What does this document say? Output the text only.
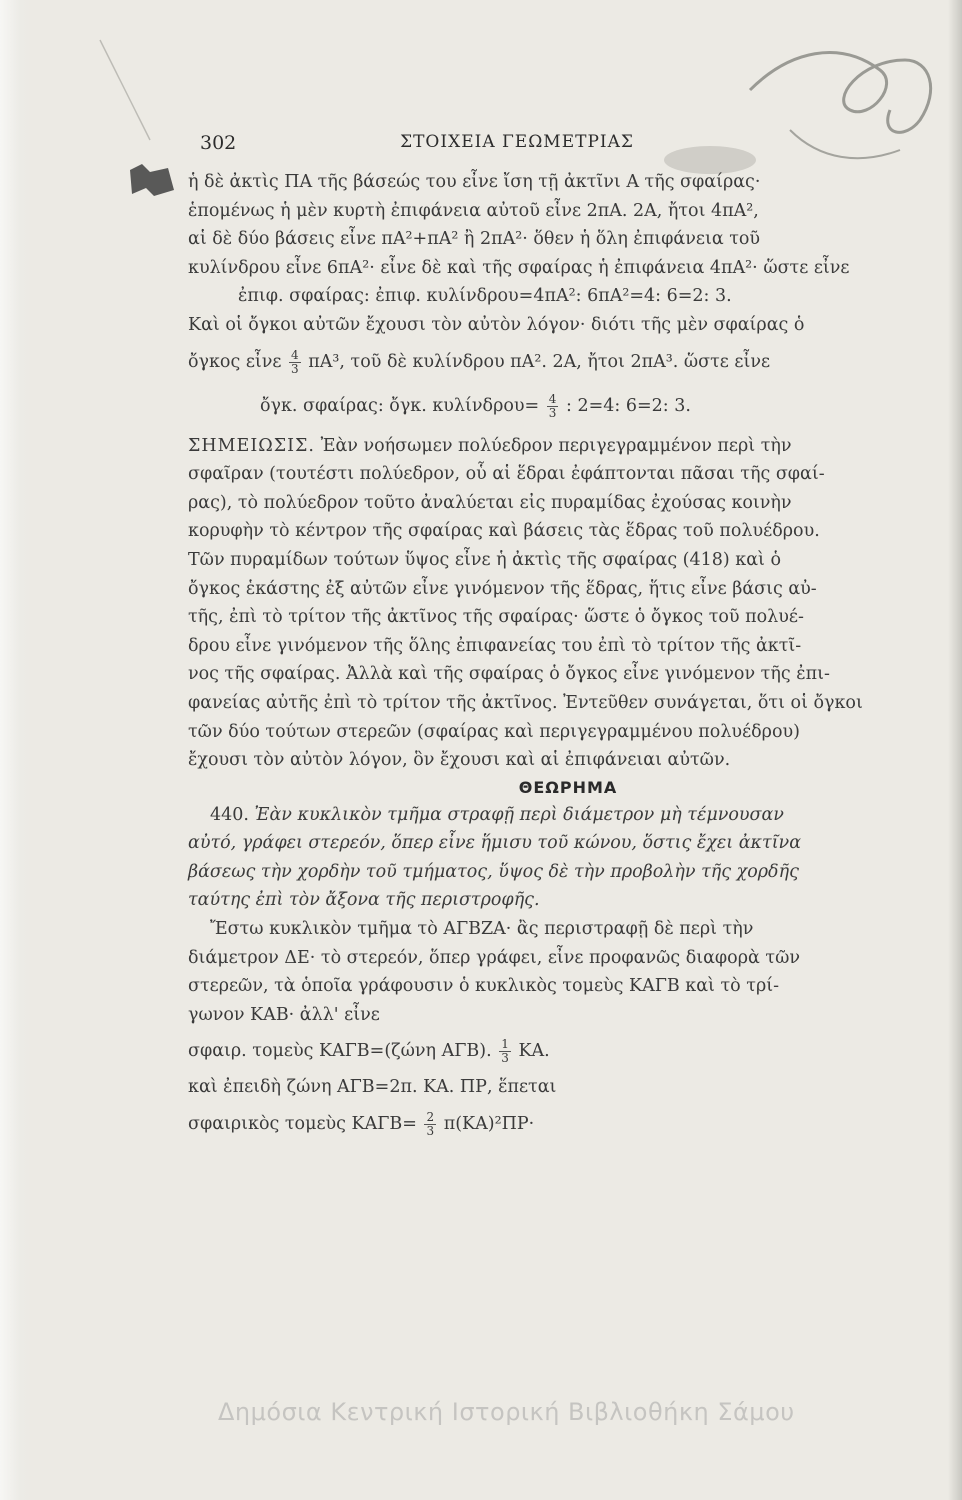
302	ΣΤΟΙΧΕΙΑ ΓΕΩΜΕΤΡΙΑΣ
ἡ δὲ ἀκτὶς ΠΑ τῆς βάσεώς του εἶνε ἴση τῇ ἀκτῖνι Α τῆς σφαίρας·
ἑπομένως ἡ μὲν κυρτὴ ἐπιφάνεια αὐτοῦ εἶνε 2πΑ. 2Α, ἤτοι 4πΑ²,
αἱ δὲ δύο βάσεις εἶνε πΑ²+πΑ² ἢ 2πΑ²· ὅθεν ἡ ὅλη ἐπιφάνεια τοῦ
κυλίνδρου εἶνε 6πΑ²· εἶνε δὲ καὶ τῆς σφαίρας ἡ ἐπιφάνεια 4πΑ²· ὥστε εἶνε
ἐπιφ. σφαίρας: ἐπιφ. κυλίνδρου=4πΑ²: 6πΑ²=4: 6=2: 3.
Καὶ οἱ ὄγκοι αὐτῶν ἔχουσι τὸν αὐτὸν λόγον· διότι τῆς μὲν σφαίρας ὁ
ὄγκος εἶνε $\frac{4}{3} \pi A^3$, τοῦ δὲ κυλίνδρου πΑ². 2Α, ἤτοι 2πΑ³. ὥστε εἶνε
ὄγκ. σφαίρας: ὄγκ. $\kappa\upsilon\lambda ί\nu\delta\rho o\upsilon= \frac{4}{3}$ : 2=4: 6=2: 3.
ΣΗΜΕΙΩΣΙΣ. Ἐὰν νοήσωμεν πολύεδρον περιγεγραμμένον περὶ τὴν
σφαῖραν (τουτέστι πολύεδρον, οὗ αἱ ἕδραι ἐφάπτονται πᾶσαι τῆς σφαί-
ρας), τὸ πολύεδρον τοῦτο ἀναλύεται εἰς πυραμίδας ἐχούσας κοινὴν
κορυφὴν τὸ κέντρον τῆς σφαίρας καὶ βάσεις τὰς ἕδρας τοῦ πολυέδρου.
Τῶν πυραμίδων τούτων ὕψος εἶνε ἡ ἀκτὶς τῆς σφαίρας (418) καὶ ὁ
ὄγκος ἑκάστης ἐξ αὐτῶν εἶνε γινόμενον τῆς ἕδρας, ἥτις εἶνε βάσις αὐ-
τῆς, ἐπὶ τὸ τρίτον τῆς ἀκτῖνος τῆς σφαίρας· ὥστε ὁ ὄγκος τοῦ πολυέ-
δρου εἶνε γινόμενον τῆς ὅλης ἐπιφανείας του ἐπὶ τὸ τρίτον τῆς ἀκτῖ-
νος τῆς σφαίρας. Ἀλλὰ καὶ τῆς σφαίρας ὁ ὄγκος εἶνε γινόμενον τῆς ἐπι-
φανείας αὐτῆς ἐπὶ τὸ τρίτον τῆς ἀκτῖνος. Ἐντεῦθεν συνάγεται, ὅτι οἱ ὄγκοι
τῶν δύο τούτων στερεῶν (σφαίρας καὶ περιγεγραμμένου πολυέδρου)
ἔχουσι τὸν αὐτὸν λόγον, ὃν ἔχουσι καὶ αἱ ἐπιφάνειαι αὐτῶν.
ΘΕΩΡΗΜΑ
440. Ἐὰν κυκλικὸν τμῆμα στραφῇ περὶ διάμετρον μὴ τέμνουσαν
αὐτό, γράφει στερεόν, ὅπερ εἶνε ἥμισυ τοῦ κώνου, ὅστις ἔχει ἀκτῖνα
βάσεως τὴν χορδὴν τοῦ τμήματος, ὕψος δὲ τὴν προβολὴν τῆς χορδῆς
ταύτης ἐπὶ τὸν ἄξονα τῆς περιστροφῆς.
Ἔστω κυκλικὸν τμῆμα τὸ ΑΓΒΖΑ· ἂς περιστραφῇ δὲ περὶ τὴν
διάμετρον ΔΕ· τὸ στερεόν, ὅπερ γράφει, εἶνε προφανῶς διαφορὰ τῶν
στερεῶν, τὰ ὁποῖα γράφουσιν ὁ κυκλικὸς τομεὺς ΚΑΓΒ καὶ τὸ τρί-
γωνον ΚΑΒ· ἀλλ' εἶνε
σφαιρ. τομεὺς ΚΑΓΒ=(ζώνη ΑΓΒ). $\frac{1}{3} KA$.
καὶ ἐπειδὴ ζώνη ΑΓΒ=2π. ΚΑ. ΠΡ, ἕπεται
σφαιρικὸς τομεὺς $KA\Gamma B= \frac{2}{3} \pi(KA)^2\Pi P\cdot$
Δημόσια Κεντρική Ιστορική Βιβλιοθήκη Σάμου
